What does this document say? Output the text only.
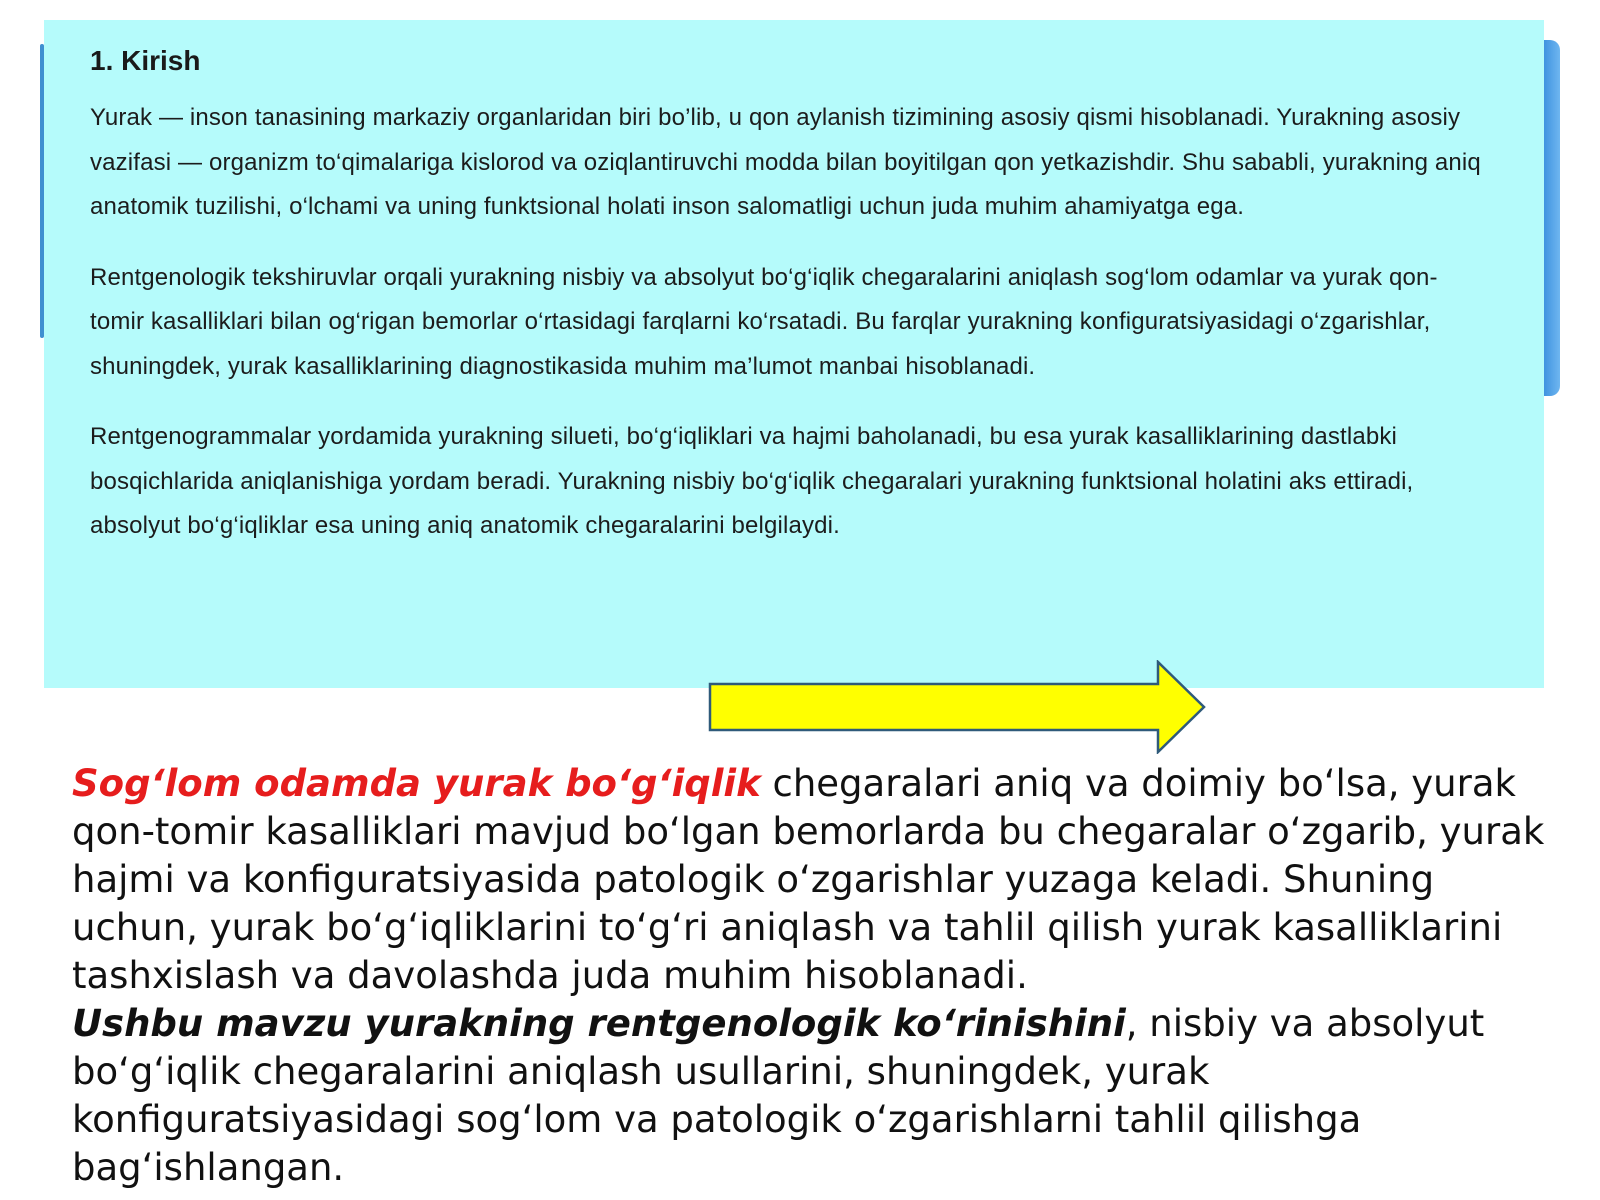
1. Kirish

Yurak — inson tanasining markaziy organlaridan biri bo’lib, u qon aylanish tizimining asosiy qismi hisoblanadi. Yurakning asosiy vazifasi — organizm to‘qimalariga kislorod va oziqlantiruvchi modda bilan boyitilgan qon yetkazishdir. Shu sababli, yurakning aniq anatomik tuzilishi, o‘lchami va uning funktsional holati inson salomatligi uchun juda muhim ahamiyatga ega.

Rentgenologik tekshiruvlar orqali yurakning nisbiy va absolyut bo‘g‘iqlik chegaralarini aniqlash sog‘lom odamlar va yurak qon-tomir kasalliklari bilan og‘rigan bemorlar o‘rtasidagi farqlarni ko‘rsatadi. Bu farqlar yurakning konfiguratsiyasidagi o‘zgarishlar, shuningdek, yurak kasalliklarining diagnostikasida muhim ma’lumot manbai hisoblanadi.

Rentgenogrammalar yordamida yurakning silueti, bo‘g‘iqliklari va hajmi baholanadi, bu esa yurak kasalliklarining dastlabki bosqichlarida aniqlanishiga yordam beradi. Yurakning nisbiy bo‘g‘iqlik chegaralari yurakning funktsional holatini aks ettiradi, absolyut bo‘g‘iqliklar esa uning aniq anatomik chegaralarini belgilaydi.

Sog‘lom odamda yurak bo‘g‘iqlik chegaralari aniq va doimiy bo‘lsa, yurak qon-tomir kasalliklari mavjud bo‘lgan bemorlarda bu chegaralar o‘zgarib, yurak hajmi va konfiguratsiyasida patologik o‘zgarishlar yuzaga keladi. Shuning uchun, yurak bo‘g‘iqliklarini to‘g‘ri aniqlash va tahlil qilish yurak kasalliklarini tashxislash va davolashda juda muhim hisoblanadi.

Ushbu mavzu yurakning rentgenologik ko‘rinishini, nisbiy va absolyut bo‘g‘iqlik chegaralarini aniqlash usullarini, shuningdek, yurak konfiguratsiyasidagi sog‘lom va patologik o‘zgarishlarni tahlil qilishga bag‘ishlangan.
